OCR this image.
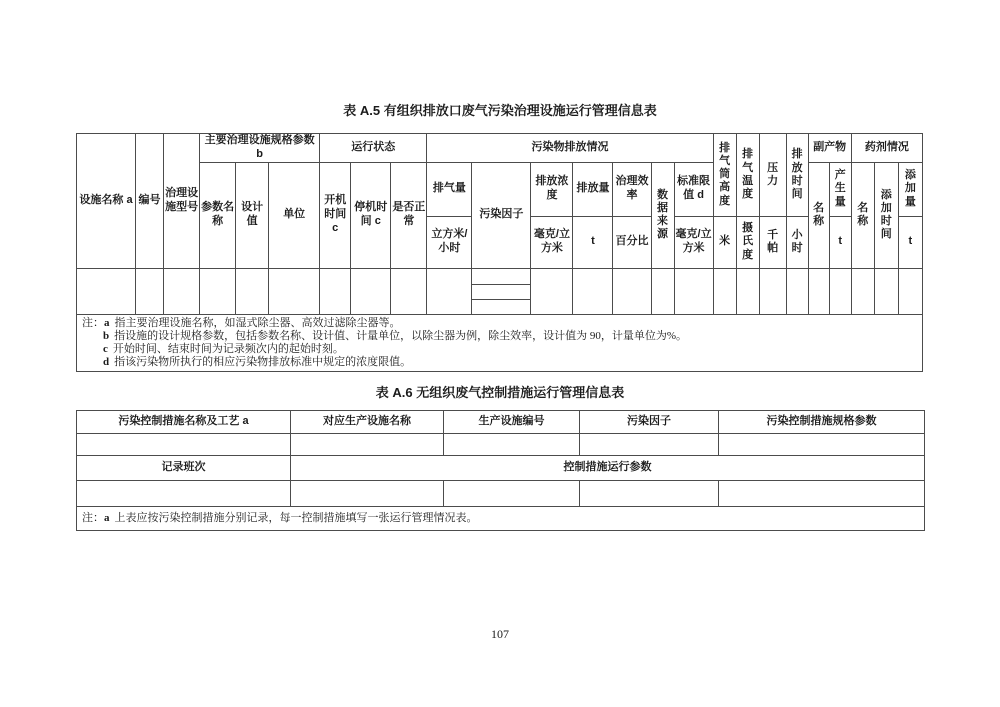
表 A.5 有组织排放口废气污染治理设施运行管理信息表
设施名称 a	编号	治理设施型号	主要治理设施规格参数 b			运行状态			污染物排放情况							排气筒高度	排气温度	压力	排放时间	副产物		药剂情况		
			参数名称	设计值	单位	开机时间 c	停机时间 c	是否正常	排气量	污染因子	排放浓度	排放量	治理效率	数据来源	标准限值 d					名称	产生量	名称	添加时间	添加量
									立方米/小时		毫克/立方米	t	百分比		毫克/立方米	米	摄氏度	千帕	小时		t			t

注：a 指主要治理设施名称，如湿式除尘器、高效过滤除尘器等。
b 指设施的设计规格参数，包括参数名称、设计值、计量单位，以除尘器为例，除尘效率，设计值为 90，计量单位为%。
c 开始时间、结束时间为记录频次内的起始时刻。
d 指该污染物所执行的相应污染物排放标准中规定的浓度限值。																								
表 A.6 无组织废气控制措施运行管理信息表
污染控制措施名称及工艺 a	对应生产设施名称	生产设施编号	污染因子	污染控制措施规格参数

记录班次	控制措施运行参数			

注：a 上表应按污染控制措施分别记录，每一控制措施填写一张运行管理情况表。				
107
